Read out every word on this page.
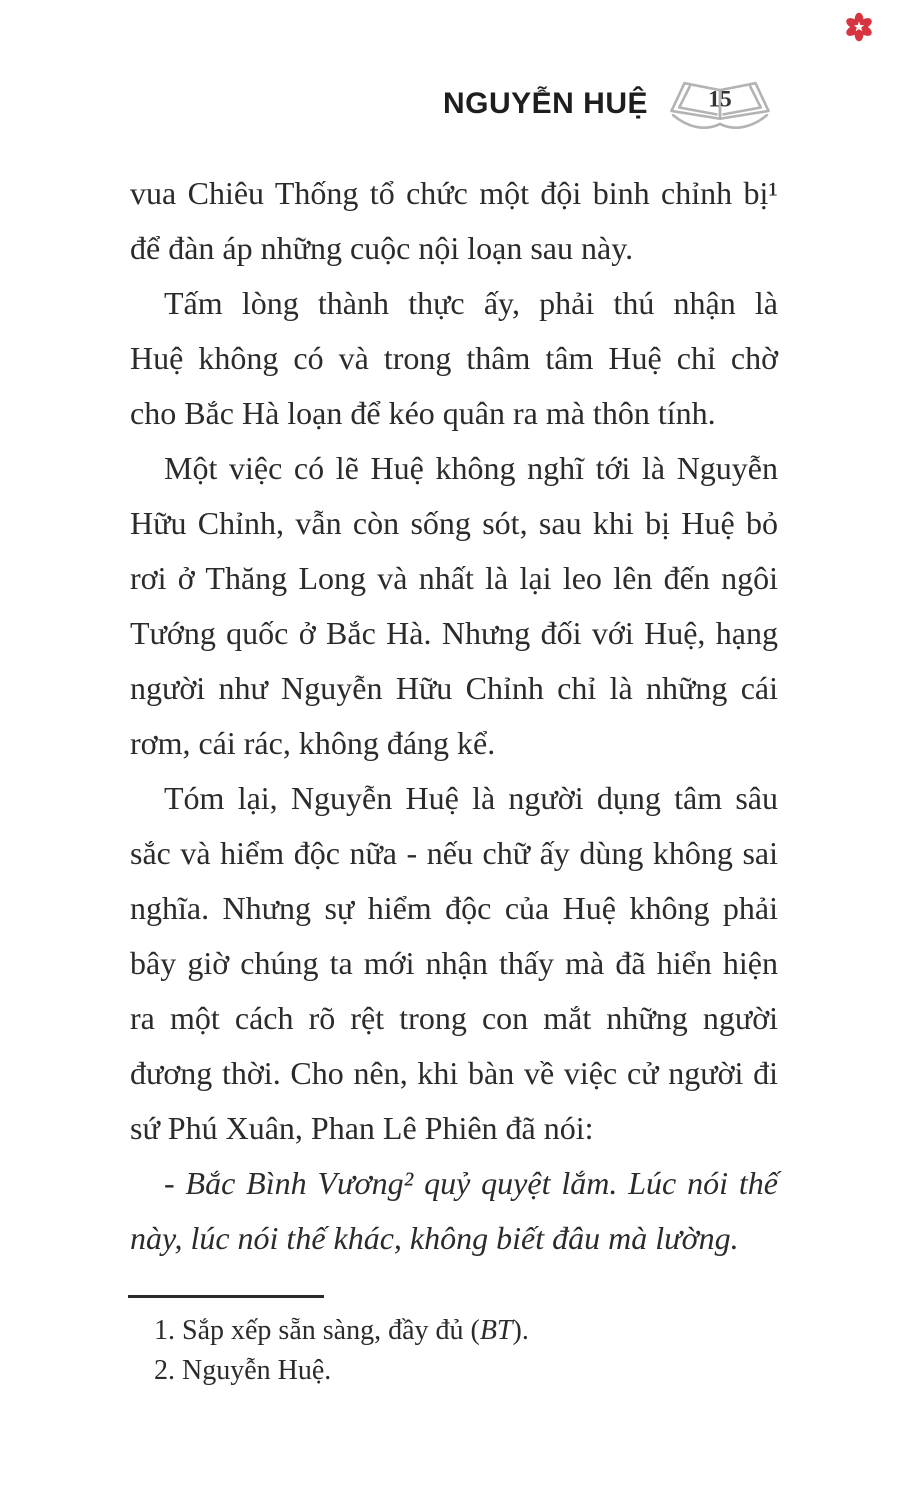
NGUYỄN HUỆ 15
vua Chiêu Thống tổ chức một đội binh chỉnh bị¹
để đàn áp những cuộc nội loạn sau này.
Tấm lòng thành thực ấy, phải thú nhận là
Huệ không có và trong thâm tâm Huệ chỉ chờ
cho Bắc Hà loạn để kéo quân ra mà thôn tính.
Một việc có lẽ Huệ không nghĩ tới là Nguyễn
Hữu Chỉnh, vẫn còn sống sót, sau khi bị Huệ bỏ
rơi ở Thăng Long và nhất là lại leo lên đến ngôi
Tướng quốc ở Bắc Hà. Nhưng đối với Huệ, hạng
người như Nguyễn Hữu Chỉnh chỉ là những cái
rơm, cái rác, không đáng kể.
Tóm lại, Nguyễn Huệ là người dụng tâm sâu
sắc và hiểm độc nữa - nếu chữ ấy dùng không sai
nghĩa. Nhưng sự hiểm độc của Huệ không phải
bây giờ chúng ta mới nhận thấy mà đã hiển hiện
ra một cách rõ rệt trong con mắt những người
đương thời. Cho nên, khi bàn về việc cử người đi
sứ Phú Xuân, Phan Lê Phiên đã nói:
- Bắc Bình Vương² quỷ quyệt lắm. Lúc nói thế
này, lúc nói thế khác, không biết đâu mà lường.
1. Sắp xếp sẵn sàng, đầy đủ (BT).
2. Nguyễn Huệ.
